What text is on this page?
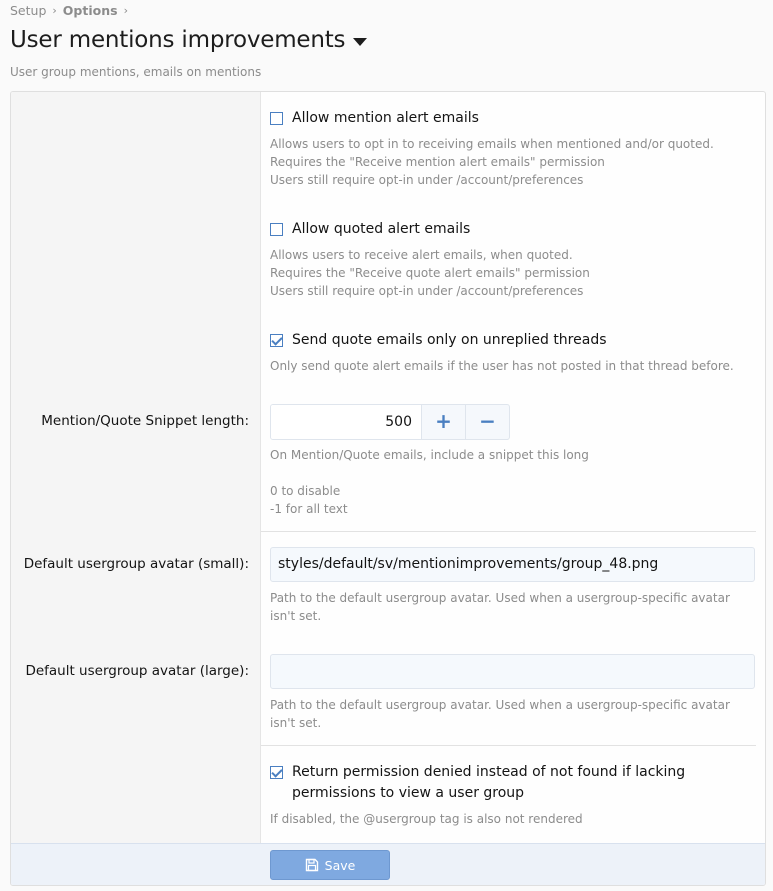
Setup › Options ›
User mentions improvements
User group mentions, emails on mentions
Allow mention alert emails
Allows users to opt in to receiving emails when mentioned and/or quoted.
Requires the "Receive mention alert emails" permission
Users still require opt-in under /account/preferences
Allow quoted alert emails
Allows users to receive alert emails, when quoted.
Requires the "Receive quote alert emails" permission
Users still require opt-in under /account/preferences
Send quote emails only on unreplied threads
Only send quote alert emails if the user has not posted in that thread before.
Mention/Quote Snippet length:	500	+	−
On Mention/Quote emails, include a snippet this long
0 to disable
-1 for all text
Default usergroup avatar (small):	styles/default/sv/mentionimprovements/group_48.png
Path to the default usergroup avatar. Used when a usergroup-specific avatar isn't set.
Default usergroup avatar (large):
Path to the default usergroup avatar. Used when a usergroup-specific avatar isn't set.
Return permission denied instead of not found if lacking permissions to view a user group
If disabled, the @usergroup tag is also not rendered
Save
